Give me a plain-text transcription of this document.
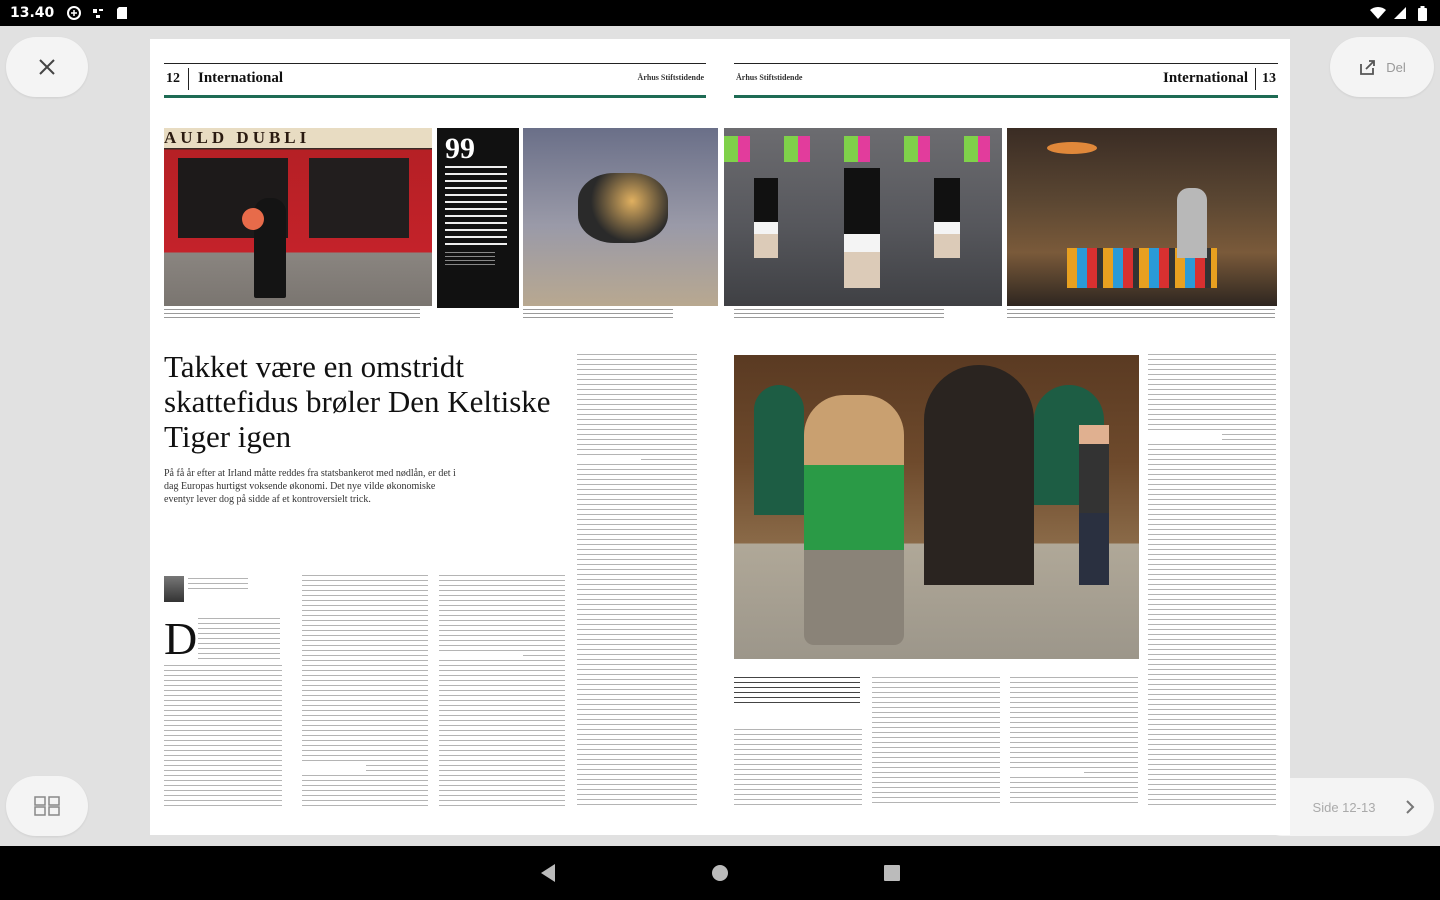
13.40
Del
Side 12-13
12 International	Århus Stiftstidende	Århus Stiftstidende	International 13
AULD DUBLI	99
Takket være en omstridt skattefidus brøler Den Keltiske Tiger igen
På få år efter at Irland måtte reddes fra statsbankerot med nødlån, er det i dag Europas hurtigst voksende økonomi. Det nye vilde økonomiske eventyr lever dog på sidde af et kontroversielt trick.
D
